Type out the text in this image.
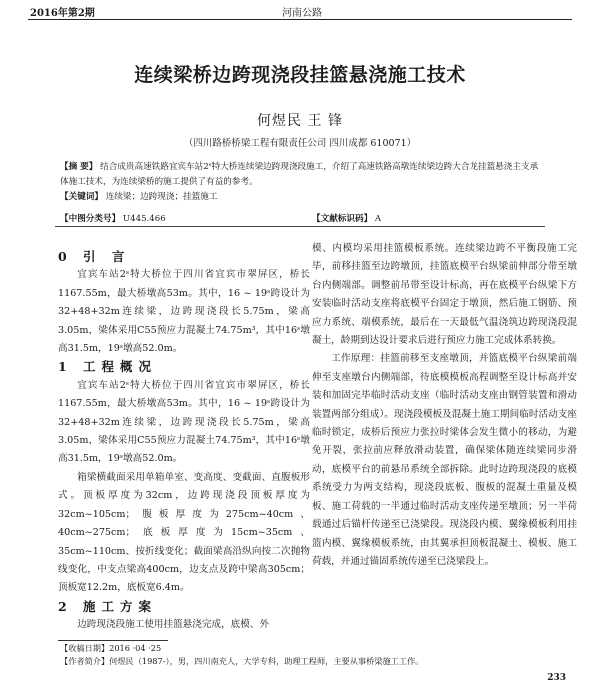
2016年第2期	河南公路
连续梁桥边跨现浇段挂篮悬浇施工技术
何煜民 王 锋
（四川路桥桥梁工程有限责任公司 四川成都 610071）
【摘 要】 结合成贵高速铁路宜宾车站2ˢ特大桥连续梁边跨现浇段施工，介绍了高速铁路高墩连续梁边跨大合龙挂篮悬浇主支承体施工技术，为连续梁桥的施工提供了有益的参考。
【关键词】 连续梁；边跨现浇；挂篮施工
【中图分类号】 U445.466	【文献标识码】 A

0 引 言

宜宾车站2ˢ特大桥位于四川省宜宾市翠屏区，桥长1167.55m，最大桥墩高53m。其中，16 ~ 19ˢ跨设计为32+48+32m连续梁，边跨现浇段长5.75m，梁高3.05m，梁体采用C55预应力混凝土74.75m³，其中16ˢ墩高31.5m，19ˢ墩高52.0m。

1 工程概况

宜宾车站2ˢ特大桥位于四川省宜宾市翠屏区，桥长1167.55m，最大桥墩高53m。其中，16 ~ 19ˢ跨设计为32+48+32m连续梁，边跨现浇段长5.75m，梁高3.05m，梁体采用C55预应力混凝土74.75m³，其中16ˢ墩高31.5m，19ˢ墩高52.0m。

箱梁横截面采用单箱单室、变高度、变截面、直腹板形式。顶板厚度为32cm，边跨现浇段顶板厚度为32cm~105cm；腹板厚度为275cm~40cm、40cm~275cm；底板厚度为15cm~35cm、35cm~110cm、按折线变化；截面梁高沿纵向按二次抛物线变化，中支点梁高400cm，边支点及跨中梁高305cm；顶板宽12.2m，底板宽6.4m。

2 施工方案

边跨现浇段施工使用挂篮悬浇完成，底模、外

模、内模均采用挂篮模板系统。连续梁边跨不平衡段施工完毕，前移挂篮至边跨墩顶，挂篮底模平台纵梁前伸部分带至墩台内侧端部。调整前吊带至设计标高，再在底模平台纵梁下方安装临时活动支座将底模平台固定于墩顶，然后施工钢筋、预应力系统、端模系统，最后在一天最低气温浇筑边跨现浇段混凝土，龄期到达设计要求后进行预应力施工完成体系转换。

工作原理：挂篮前移至支座墩顶，并篮底模平台纵梁前端伸至支座墩台内侧端部，待底模模板高程调整至设计标高并安装和加固完毕临时活动支座（临时活动支座由钢管装置和滑动装置两部分组成）。现浇段模板及混凝土施工期间临时活动支座临时锁定，成桥后预应力张拉时梁体会发生微小的移动，为避免开裂，张拉前应释放滑动装置，确保梁体随连续梁同步滑动，底模平台的前悬吊系统全部拆除。此时边跨现浇段的底模系统受力为两支结构，现浇段底板、腹板的混凝土重量及模板、施工荷载的一半通过临时活动支座传递至墩顶；另一半荷载通过后锚杆传递至已浇梁段。现浇段内模、翼缘模板利用挂篮内模、翼缘模板系统，由其翼承担顶板混凝土、模板、施工荷载，并通过锚固系统传递至已浇梁段上。

【收稿日期】2016 ·04 ·25
【作者简介】何煜民（1987-），男，四川南充人，大学专科，助理工程师，主要从事桥梁施工工作。
233
